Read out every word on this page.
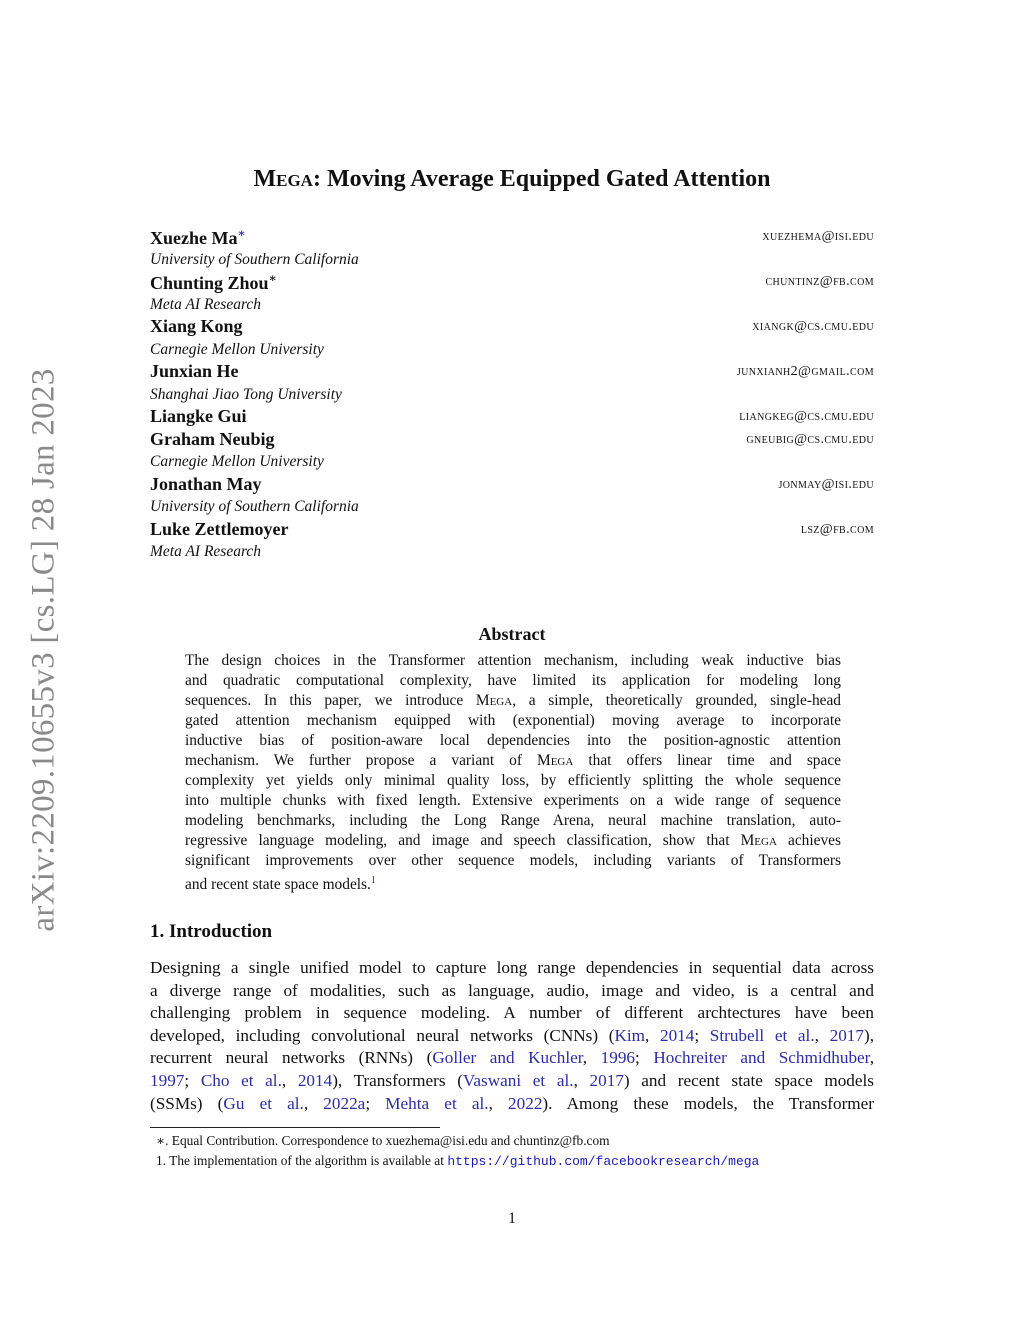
arXiv:2209.10655v3 [cs.LG] 28 Jan 2023
Mega: Moving Average Equipped Gated Attention
Xuezhe Ma∗	xuezhema@isi.edu
University of Southern California
Chunting Zhou∗	chuntinz@fb.com
Meta AI Research
Xiang Kong	xiangk@cs.cmu.edu
Carnegie Mellon University
Junxian He	junxianh2@gmail.com
Shanghai Jiao Tong University
Liangke Gui	liangkeg@cs.cmu.edu
Graham Neubig	gneubig@cs.cmu.edu
Carnegie Mellon University
Jonathan May	jonmay@isi.edu
University of Southern California
Luke Zettlemoyer	lsz@fb.com
Meta AI Research
Abstract
The design choices in the Transformer attention mechanism, including weak inductive bias
and quadratic computational complexity, have limited its application for modeling long
sequences. In this paper, we introduce Mega, a simple, theoretically grounded, single-head
gated attention mechanism equipped with (exponential) moving average to incorporate
inductive bias of position-aware local dependencies into the position-agnostic attention
mechanism. We further propose a variant of Mega that offers linear time and space
complexity yet yields only minimal quality loss, by efficiently splitting the whole sequence
into multiple chunks with fixed length. Extensive experiments on a wide range of sequence
modeling benchmarks, including the Long Range Arena, neural machine translation, auto-
regressive language modeling, and image and speech classification, show that Mega achieves
significant improvements over other sequence models, including variants of Transformers
and recent state space models.$^1$
1. Introduction
Designing a single unified model to capture long range dependencies in sequential data across
a diverge range of modalities, such as language, audio, image and video, is a central and
challenging problem in sequence modeling. A number of different archtectures have been
developed, including convolutional neural networks (CNNs) (Kim, 2014; Strubell et al., 2017),
recurrent neural networks (RNNs) (Goller and Kuchler, 1996; Hochreiter and Schmidhuber,
1997; Cho et al., 2014), Transformers (Vaswani et al., 2017) and recent state space models
(SSMs) (Gu et al., 2022a; Mehta et al., 2022). Among these models, the Transformer
∗. Equal Contribution. Correspondence to xuezhema@isi.edu and chuntinz@fb.com
1. The implementation of the algorithm is available at https://github.com/facebookresearch/mega
1
